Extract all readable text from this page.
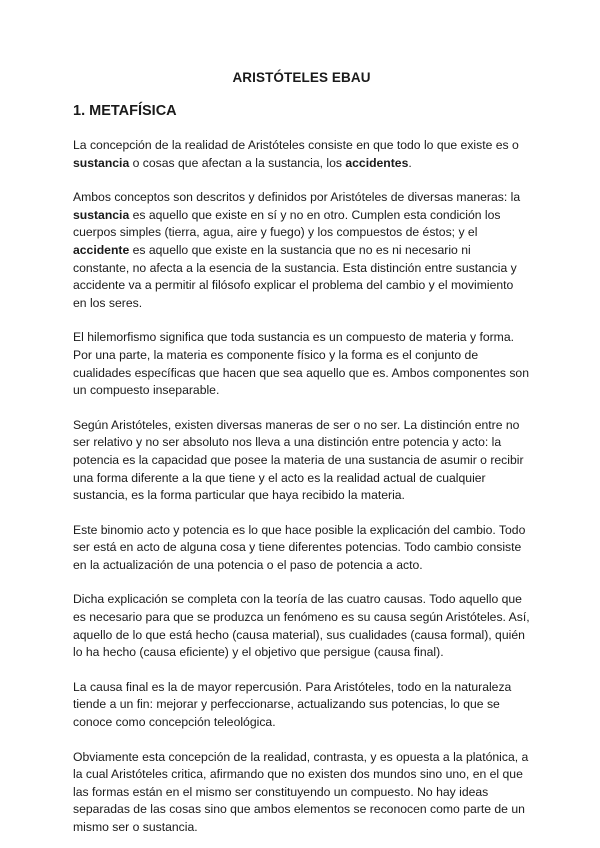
ARISTÓTELES EBAU
1. METAFÍSICA

La concepción de la realidad de Aristóteles consiste en que todo lo que existe es o sustancia o cosas que afectan a la sustancia, los accidentes.

Ambos conceptos son descritos y definidos por Aristóteles de diversas maneras: la sustancia es aquello que existe en sí y no en otro. Cumplen esta condición los cuerpos simples (tierra, agua, aire y fuego) y los compuestos de éstos; y el accidente es aquello que existe en la sustancia que no es ni necesario ni constante, no afecta a la esencia de la sustancia. Esta distinción entre sustancia y accidente va a permitir al filósofo explicar el problema del cambio y el movimiento en los seres.

El hilemorfismo significa que toda sustancia es un compuesto de materia y forma. Por una parte, la materia es componente físico y la forma es el conjunto de cualidades específicas que hacen que sea aquello que es. Ambos componentes son un compuesto inseparable.

Según Aristóteles, existen diversas maneras de ser o no ser. La distinción entre no ser relativo y no ser absoluto nos lleva a una distinción entre potencia y acto: la potencia es la capacidad que posee la materia de una sustancia de asumir o recibir una forma diferente a la que tiene y el acto es la realidad actual de cualquier sustancia, es la forma particular que haya recibido la materia.

Este binomio acto y potencia es lo que hace posible la explicación del cambio. Todo ser está en acto de alguna cosa y tiene diferentes potencias. Todo cambio consiste en la actualización de una potencia o el paso de potencia a acto.

Dicha explicación se completa con la teoría de las cuatro causas. Todo aquello que es necesario para que se produzca un fenómeno es su causa según Aristóteles. Así, aquello de lo que está hecho (causa material), sus cualidades (causa formal), quién lo ha hecho (causa eficiente) y el objetivo que persigue (causa final).

La causa final es la de mayor repercusión. Para Aristóteles, todo en la naturaleza tiende a un fin: mejorar y perfeccionarse, actualizando sus potencias, lo que se conoce como concepción teleológica.

Obviamente esta concepción de la realidad, contrasta, y es opuesta a la platónica, a la cual Aristóteles critica, afirmando que no existen dos mundos sino uno, en el que las formas están en el mismo ser constituyendo un compuesto. No hay ideas separadas de las cosas sino que ambos elementos se reconocen como parte de un mismo ser o sustancia.
